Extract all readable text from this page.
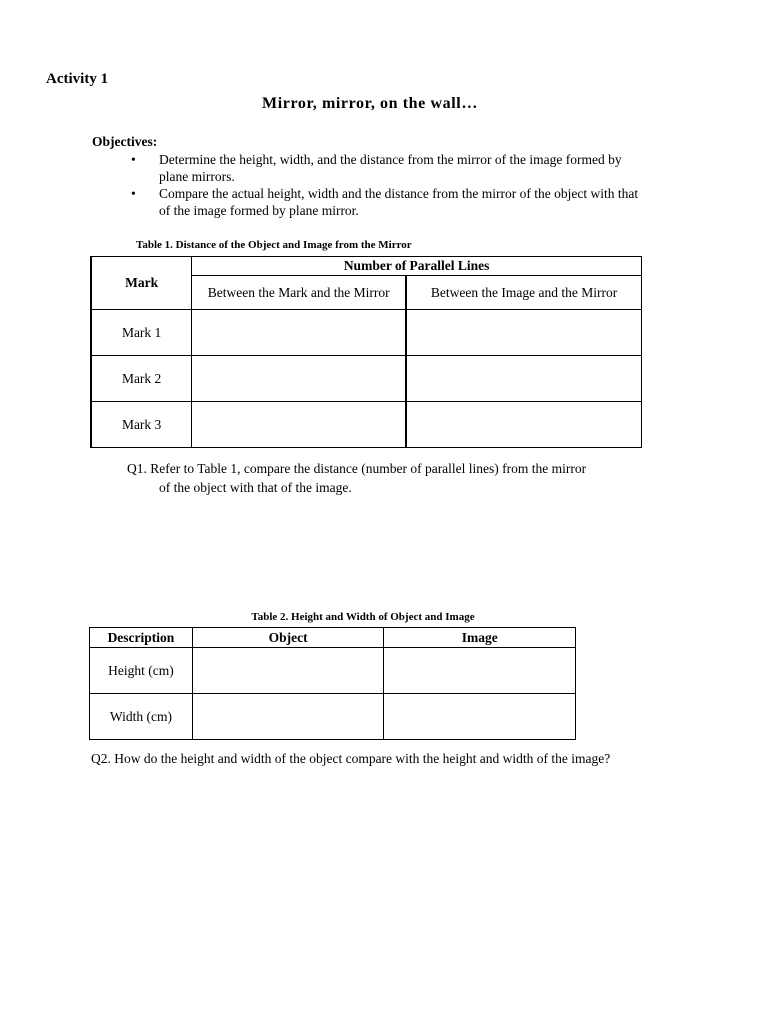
Activity 1
Mirror, mirror, on the wall…
Objectives:
• Determine the height, width, and the distance from the mirror of the image formed by plane mirrors.
• Compare the actual height, width and the distance from the mirror of the object with that of the image formed by plane mirror.
Table 1. Distance of the Object and Image from the Mirror
Mark	Number of Parallel Lines	
	Between the Mark and the Mirror	Between the Image and the Mirror
Mark 1		
Mark 2		
Mark 3		
Q1. Refer to Table 1, compare the distance (number of parallel lines) from the mirror
of the object with that of the image.
Table 2. Height and Width of Object and Image
Description	Object	Image
Height (cm)		
Width (cm)		
Q2. How do the height and width of the object compare with the height and width of the image?
